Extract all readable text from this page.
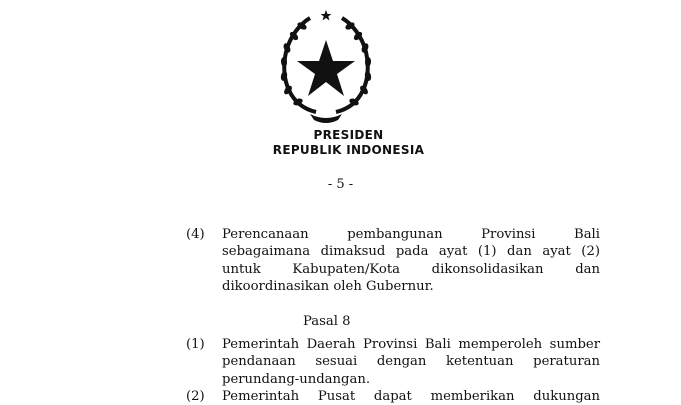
PRESIDEN
REPUBLIK INDONESIA
- 5 -
(4) Perencanaan pembangunan Provinsi Bali
sebagaimana dimaksud pada ayat (1) dan ayat (2)
untuk Kabupaten/Kota dikonsolidasikan dan
dikoordinasikan oleh Gubernur.
Pasal 8
(1) Pemerintah Daerah Provinsi Bali memperoleh sumber
pendanaan sesuai dengan ketentuan peraturan
perundang-undangan.
(2) Pemerintah Pusat dapat memberikan dukungan
